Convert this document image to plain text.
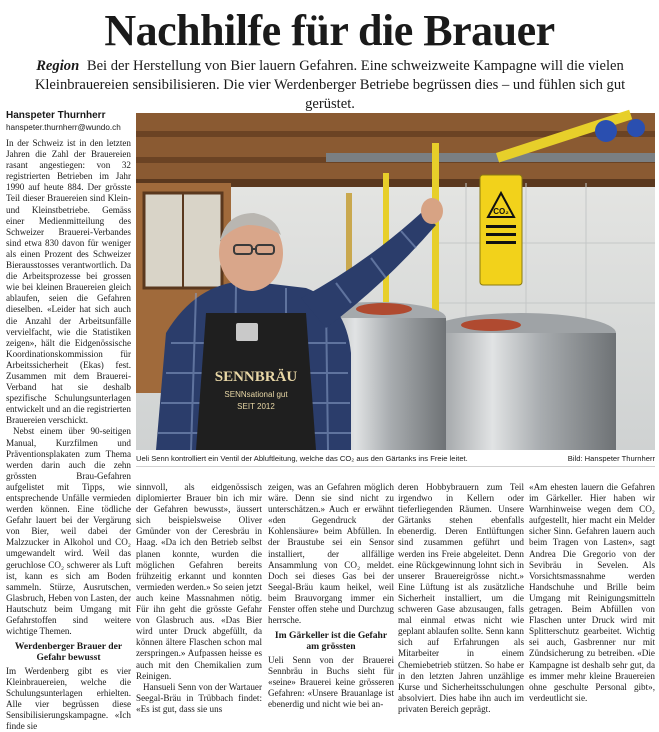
Nachhilfe für die Brauer
Region Bei der Herstellung von Bier lauern Gefahren. Eine schweizweite Kampagne will die vielen Kleinbrauereien sensibilisieren. Die vier Werdenberger Betriebe begrüssen dies – und fühlen sich gut gerüstet.
Hanspeter Thurnherr
hanspeter.thurnherr@wundo.ch

In der Schweiz ist in den letzten Jahren die Zahl der Brauereien rasant angestiegen: von 32 registrierten Betrieben im Jahr 1990 auf heute 884. Der grösste Teil dieser Brauereien sind Klein- und Kleinstbetriebe. Gemäss einer Medienmitteilung des Schweizer Brauerei-Verbandes sind etwa 830 davon für weniger als einen Prozent des Schweizer Bierausstosses verantwortlich. Da die Arbeitsprozesse bei grossen wie bei kleinen Brauereien gleich ablaufen, seien die Gefahren dieselben. «Leider hat sich auch die Anzahl der Arbeitsunfälle vervielfacht, wie die Statistiken zeigen», hält die Eidgenössische Koordinationskommission für Arbeitssicherheit (Ekas) fest. Zusammen mit dem Brauerei-Verband hat sie deshalb spezifische Schulungsunterlagen entwickelt und an die registrierten Brauereien verschickt.

Nebst einem über 90-seitigen Manual, Kurzfilmen und Präventionsplakaten zum Thema werden darin auch die zehn grössten Brau-Gefahren aufgelistet mit Tipps, wie entsprechende Unfälle vermieden werden können. Eine tödliche Gefahr lauert bei der Vergärung von Bier, weil dabei der Malzzucker in Alkohol und CO₂ umgewandelt wird. Weil das geruchlose CO₂ schwerer als Luft ist, kann es sich am Boden sammeln. Stürze, Ausrutschen, Glasbruch, Heben von Lasten, der Hautschutz beim Umgang mit Gefahrstoffen sind weitere wichtige Themen.

Werdenberger Brauer der Gefahr bewusst

Im Werdenberg gibt es vier Kleinbrauereien, welche die Schulungsunterlagen erhielten. Alle vier begrüssen diese Sensibilisierungskampagne. «Ich finde sie

CO₂
SENNBRÄU
SENNsational gut
SEIT 2012
Ueli Senn kontrolliert ein Ventil der Abluftleitung, welche das CO₂ aus den Gärtanks ins Freie leitet.	Bild: Hanspeter Thurnherr

sinnvoll, als eidgenössisch diplomierter Brauer bin ich mir der Gefahren bewusst», äussert sich beispielsweise Oliver Gmünder von der Ceresbräu in Haag. «Da ich den Betrieb selbst planen konnte, wurden die möglichen Gefahren bereits frühzeitig erkannt und konnten vermieden werden.» So seien jetzt auch keine Massnahmen nötig. Für ihn geht die grösste Gefahr von Glasbruch aus. «Das Bier wird unter Druck abgefüllt, da können ältere Flaschen schon mal zerspringen.» Aufpassen heisse es auch mit den Chemikalien zum Reinigen.

Hansueli Senn von der Wartauer Seegal-Bräu in Trübbach findet: «Es ist gut, dass sie uns

zeigen, was an Gefahren möglich wäre. Denn sie sind nicht zu unterschätzen.» Auch er erwähnt «den Gegendruck der Kohlensäure» beim Abfüllen. In der Braustube sei ein Sensor installiert, der allfällige Ansammlung von CO₂ meldet. Doch sei dieses Gas bei der Seegal-Bräu kaum heikel, weil beim Brauvorgang immer ein Fenster offen stehe und Durchzug herrsche.

Im Gärkeller ist die Gefahr am grössten

Ueli Senn von der Brauerei Sennbräu in Buchs sieht für «seine» Brauerei keine grösseren Gefahren: «Unsere Brauanlage ist ebenerdig und nicht wie bei an-

deren Hobbybrauern zum Teil irgendwo in Kellern oder tieferliegenden Räumen. Unsere Gärtanks stehen ebenfalls ebenerdig. Deren Entlüftungen sind zusammen geführt und werden ins Freie abgeleitet. Denn eine Rückgewinnung lohnt sich in unserer Brauereigrösse nicht.» Eine Lüftung ist als zusätzliche Sicherheit installiert, um die schweren Gase abzusaugen, falls mal einmal etwas nicht wie geplant ablaufen sollte. Senn kann sich auf Erfahrungen als Mitarbeiter in einem Chemiebetrieb stützen. So habe er in den letzten Jahren unzählige Kurse und Sicherheitsschulungen absolviert. Dies habe ihn auch im privaten Bereich geprägt.

«Am ehesten lauern die Gefahren im Gärkeller. Hier haben wir Warnhinweise wegen dem CO₂ aufgestellt, hier macht ein Melder sicher Sinn. Gefahren lauern auch beim Tragen von Lasten», sagt Andrea Die Gregorio von der Sevibräu in Sevelen. Als Vorsichtsmassnahme werden Handschuhe und Brille beim Umgang mit Reinigungsmitteln getragen. Beim Abfüllen von Flaschen unter Druck wird mit Splitterschutz gearbeitet. Wichtig sei auch, Gasbrenner nur mit Zündsicherung zu betreiben. «Die Kampagne ist deshalb sehr gut, da es immer mehr kleine Brauereien ohne geschulte Personal gibt», verdeutlicht sie.
